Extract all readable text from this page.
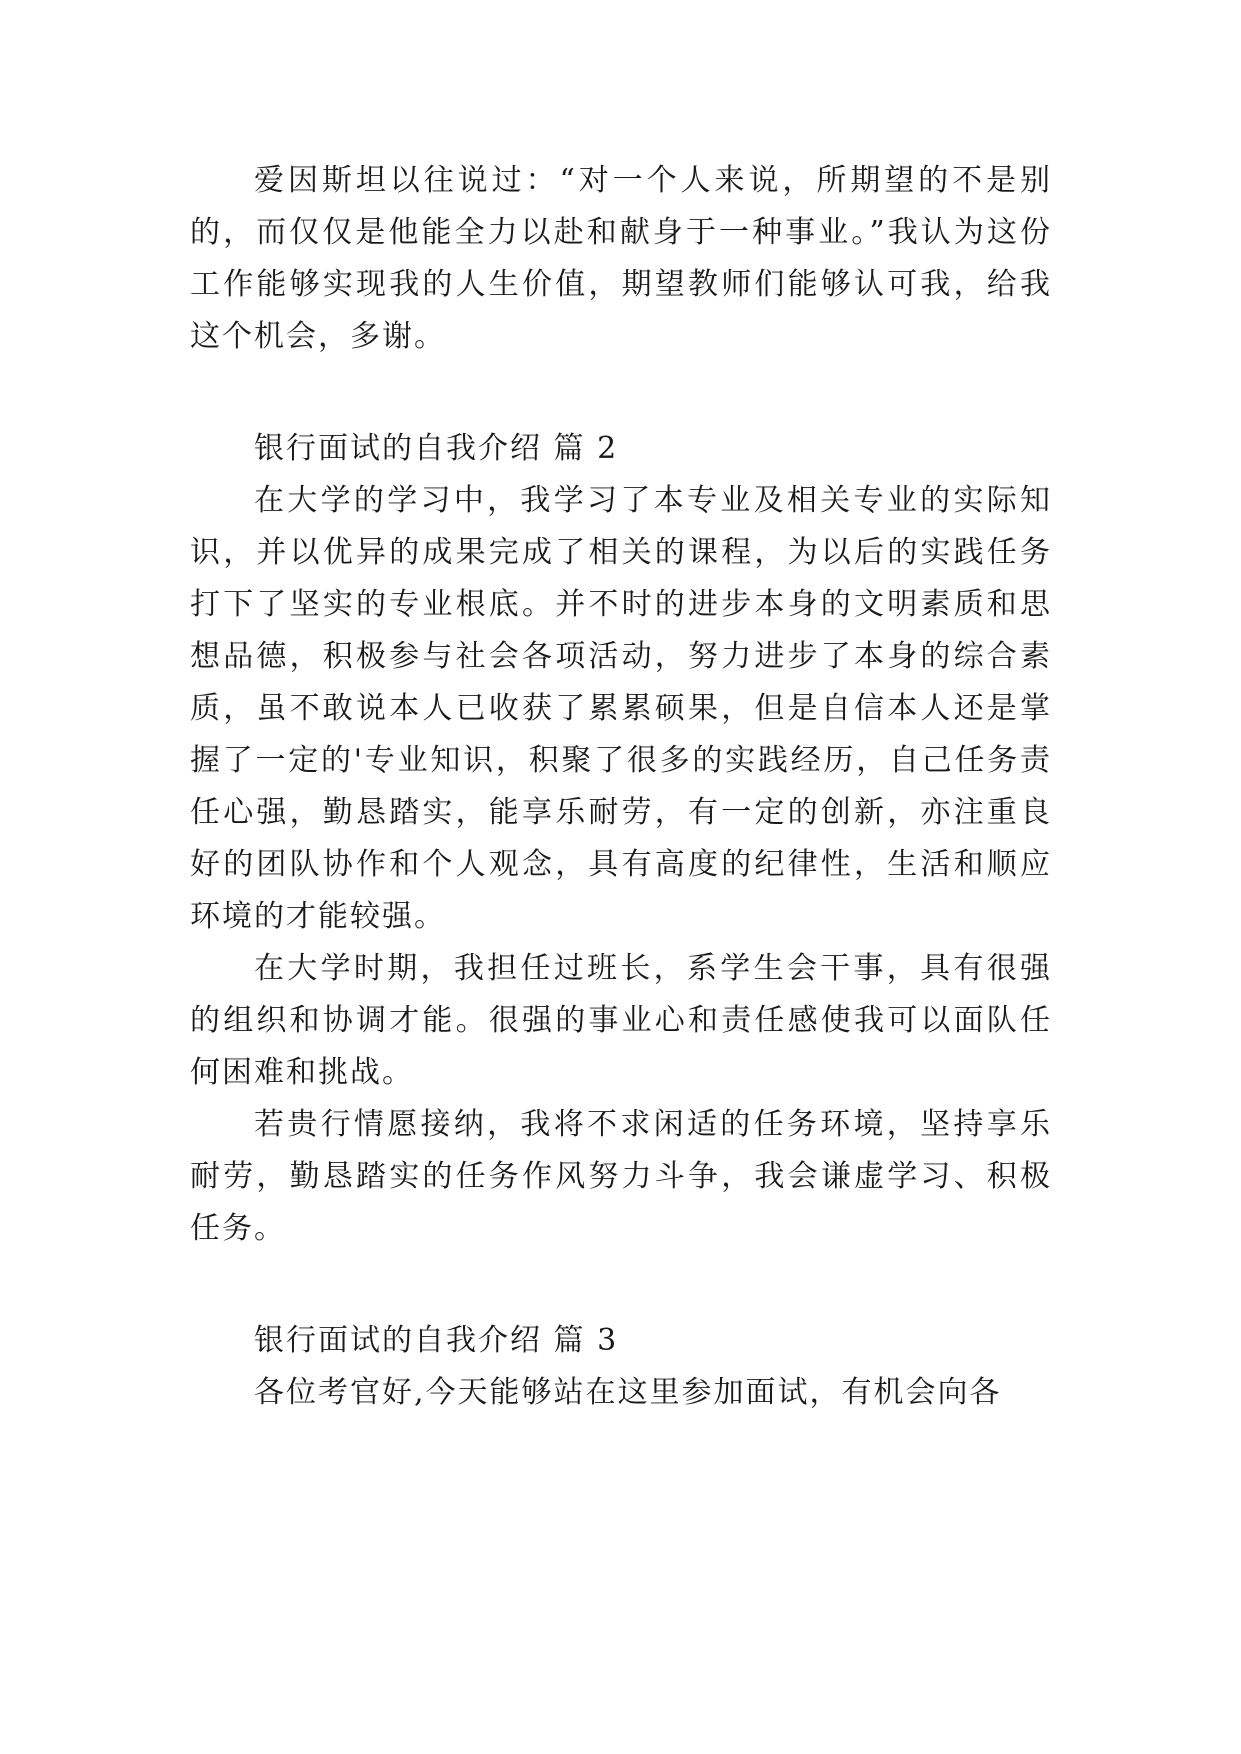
爱因斯坦以往说过：“对一个人来说，所期望的不是别的，而仅仅是他能全力以赴和献身于一种事业。”我认为这份工作能够实现我的人生价值，期望教师们能够认可我，给我这个机会，多谢。

银行面试的自我介绍 篇 2

在大学的学习中，我学习了本专业及相关专业的实际知识，并以优异的成果完成了相关的课程，为以后的实践任务打下了坚实的专业根底。并不时的进步本身的文明素质和思想品德，积极参与社会各项活动，努力进步了本身的综合素质，虽不敢说本人已收获了累累硕果，但是自信本人还是掌握了一定的'专业知识，积聚了很多的实践经历，自己任务责任心强，勤恳踏实，能享乐耐劳，有一定的创新，亦注重良好的团队协作和个人观念，具有高度的纪律性，生活和顺应环境的才能较强。

在大学时期，我担任过班长，系学生会干事，具有很强的组织和协调才能。很强的事业心和责任感使我可以面队任何困难和挑战。

若贵行情愿接纳，我将不求闲适的任务环境，坚持享乐耐劳，勤恳踏实的任务作风努力斗争，我会谦虚学习、积极任务。

银行面试的自我介绍 篇 3

各位考官好,今天能够站在这里参加面试，有机会向各
